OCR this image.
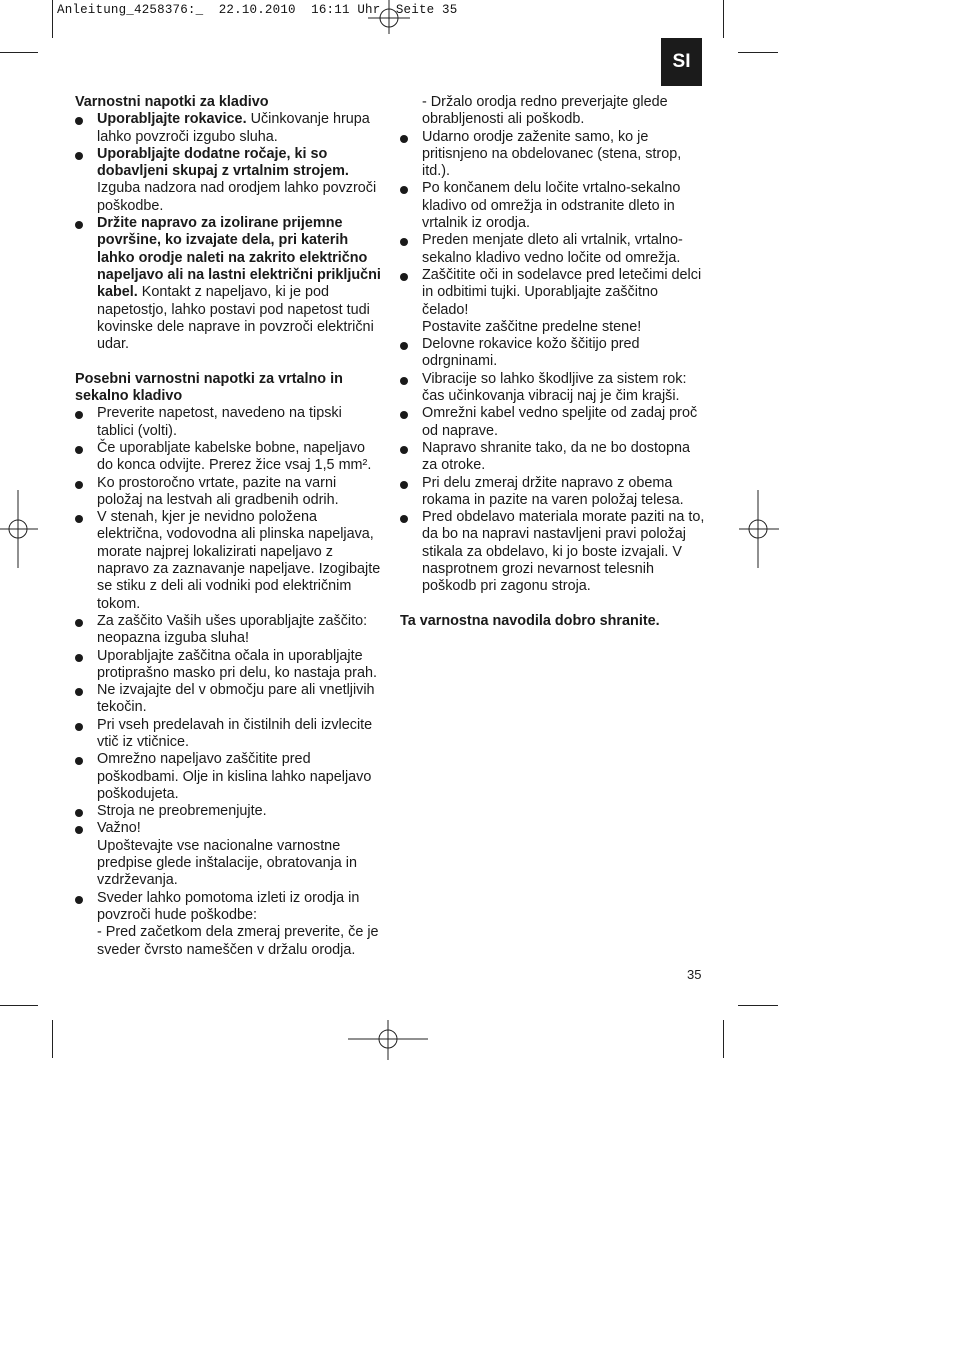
Anleitung_4258376:_  22.10.2010  16:11 Uhr  Seite 35
SI

Varnostni napotki za kladivo

Uporabljajte rokavice. Učinkovanje hrupa lahko povzroči izgubo sluha.
Uporabljajte dodatne ročaje, ki so dobavljeni skupaj z vrtalnim strojem. Izguba nadzora nad orodjem lahko povzroči poškodbe.
Držite napravo za izolirane prijemne površine, ko izvajate dela, pri katerih lahko orodje naleti na zakrito električno napeljavo ali na lastni električni priključni kabel. Kontakt z napeljavo, ki je pod napetostjo, lahko postavi pod napetost tudi kovinske dele naprave in povzroči električni udar.

Posebni varnostni napotki za vrtalno in sekalno kladivo

Preverite napetost, navedeno na tipski tablici (volti).
Če uporabljate kabelske bobne, napeljavo do konca odvijte. Prerez žice vsaj 1,5 mm².
Ko prostoročno vrtate, pazite na varni položaj na lestvah ali gradbenih odrih.
V stenah, kjer je nevidno položena električna, vodovodna ali plinska napeljava, morate najprej lokalizirati napeljavo z napravo za zaznavanje napeljave. Izogibajte se stiku z deli ali vodniki pod električnim tokom.
Za zaščito Vaših ušes uporabljajte zaščito: neopazna izguba sluha!
Uporabljajte zaščitna očala in uporabljajte protiprašno masko pri delu, ko nastaja prah.
Ne izvajajte del v območju pare ali vnetljivih tekočin.
Pri vseh predelavah in čistilnih deli izvlecite vtič iz vtičnice.
Omrežno napeljavo zaščitite pred poškodbami. Olje in kislina lahko napeljavo poškodujeta.
Stroja ne preobremenjujte.
Važno!
Upoštevajte vse nacionalne varnostne predpise glede inštalacije, obratovanja in vzdrževanja.
Sveder lahko pomotoma izleti iz orodja in povzroči hude poškodbe:
- Pred začetkom dela zmeraj preverite, če je sveder čvrsto nameščen v držalu orodja.

- Držalo orodja redno preverjajte glede obrabljenosti ali poškodb.

Udarno orodje zaženite samo, ko je pritisnjeno na obdelovanec (stena, strop, itd.).
Po končanem delu ločite vrtalno-sekalno kladivo od omrežja in odstranite dleto in vrtalnik iz orodja.
Preden menjate dleto ali vrtalnik, vrtalno-sekalno kladivo vedno ločite od omrežja.
Zaščitite oči in sodelavce pred letečimi delci in odbitimi tujki. Uporabljajte zaščitno čelado!
Postavite zaščitne predelne stene!
Delovne rokavice kožo ščitijo pred odrgninami.
Vibracije so lahko škodljive za sistem rok: čas učinkovanja vibracij naj je čim krajši.
Omrežni kabel vedno speljite od zadaj proč od naprave.
Napravo shranite tako, da ne bo dostopna za otroke.
Pri delu zmeraj držite napravo z obema rokama in pazite na varen položaj telesa.
Pred obdelavo materiala morate paziti na to, da bo na napravi nastavljeni pravi položaj stikala za obdelavo, ki jo boste izvajali. V nasprotnem grozi nevarnost telesnih poškodb pri zagonu stroja.

Ta varnostna navodila dobro shranite.

35
